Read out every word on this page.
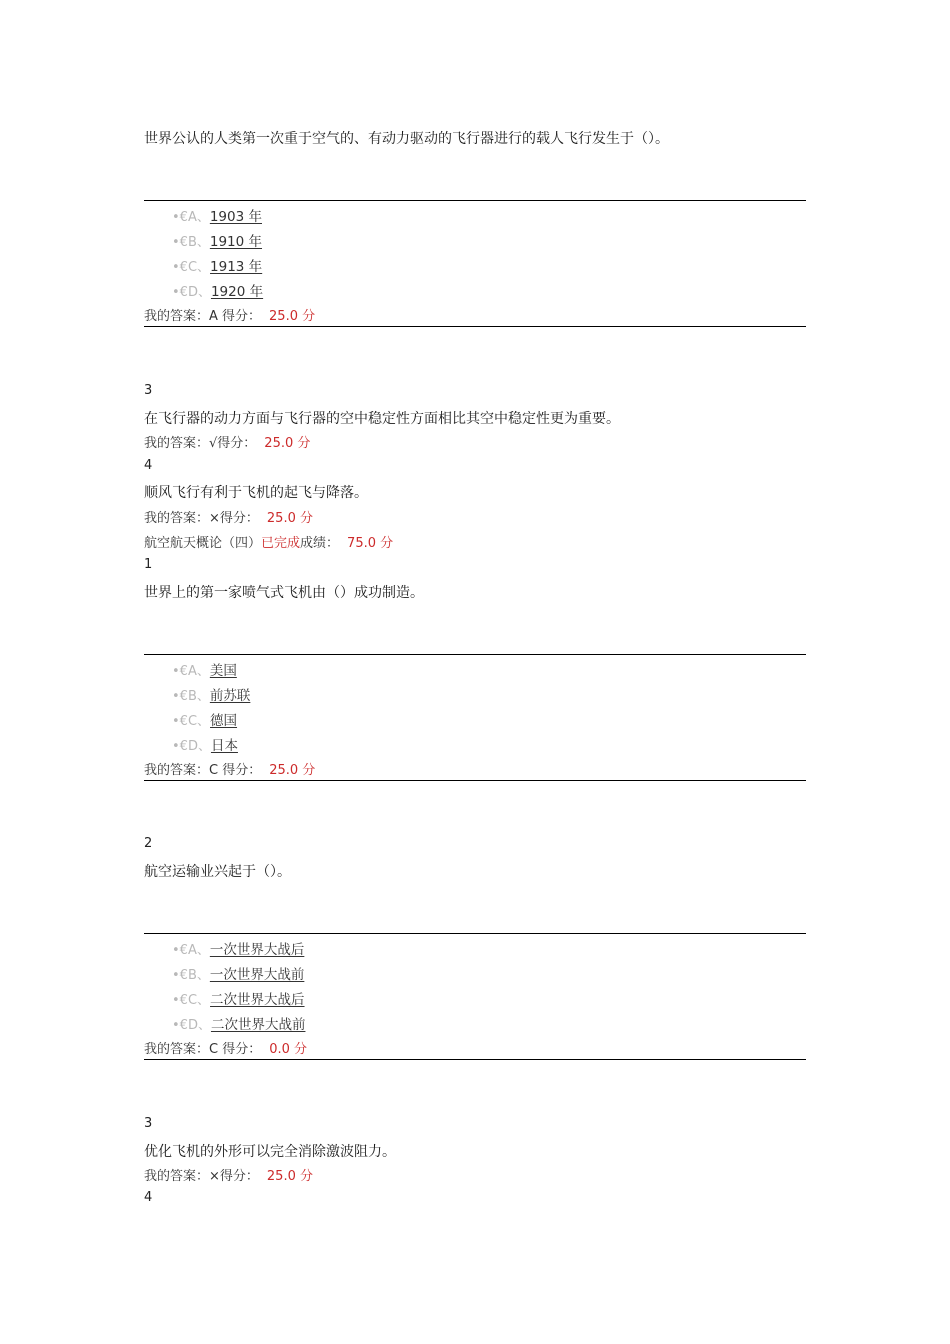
世界公认的人类第一次重于空气的、有动力驱动的飞行器进行的载人飞行发生于（）。
•€A、1903 年
•€B、1910 年
•€C、1913 年
•€D、1920 年
我的答案：A 得分： 25.0 分
3
在飞行器的动力方面与飞行器的空中稳定性方面相比其空中稳定性更为重要。
我的答案：√得分： 25.0 分
4
顺风飞行有利于飞机的起飞与降落。
我的答案：×得分： 25.0 分
航空航天概论（四）已完成成绩： 75.0 分
1
世界上的第一家喷气式飞机由（）成功制造。
•€A、美国
•€B、前苏联
•€C、德国
•€D、日本
我的答案：C 得分： 25.0 分
2
航空运输业兴起于（）。
•€A、一次世界大战后
•€B、一次世界大战前
•€C、二次世界大战后
•€D、二次世界大战前
我的答案：C 得分： 0.0 分
3
优化飞机的外形可以完全消除激波阻力。
我的答案：×得分： 25.0 分
4
